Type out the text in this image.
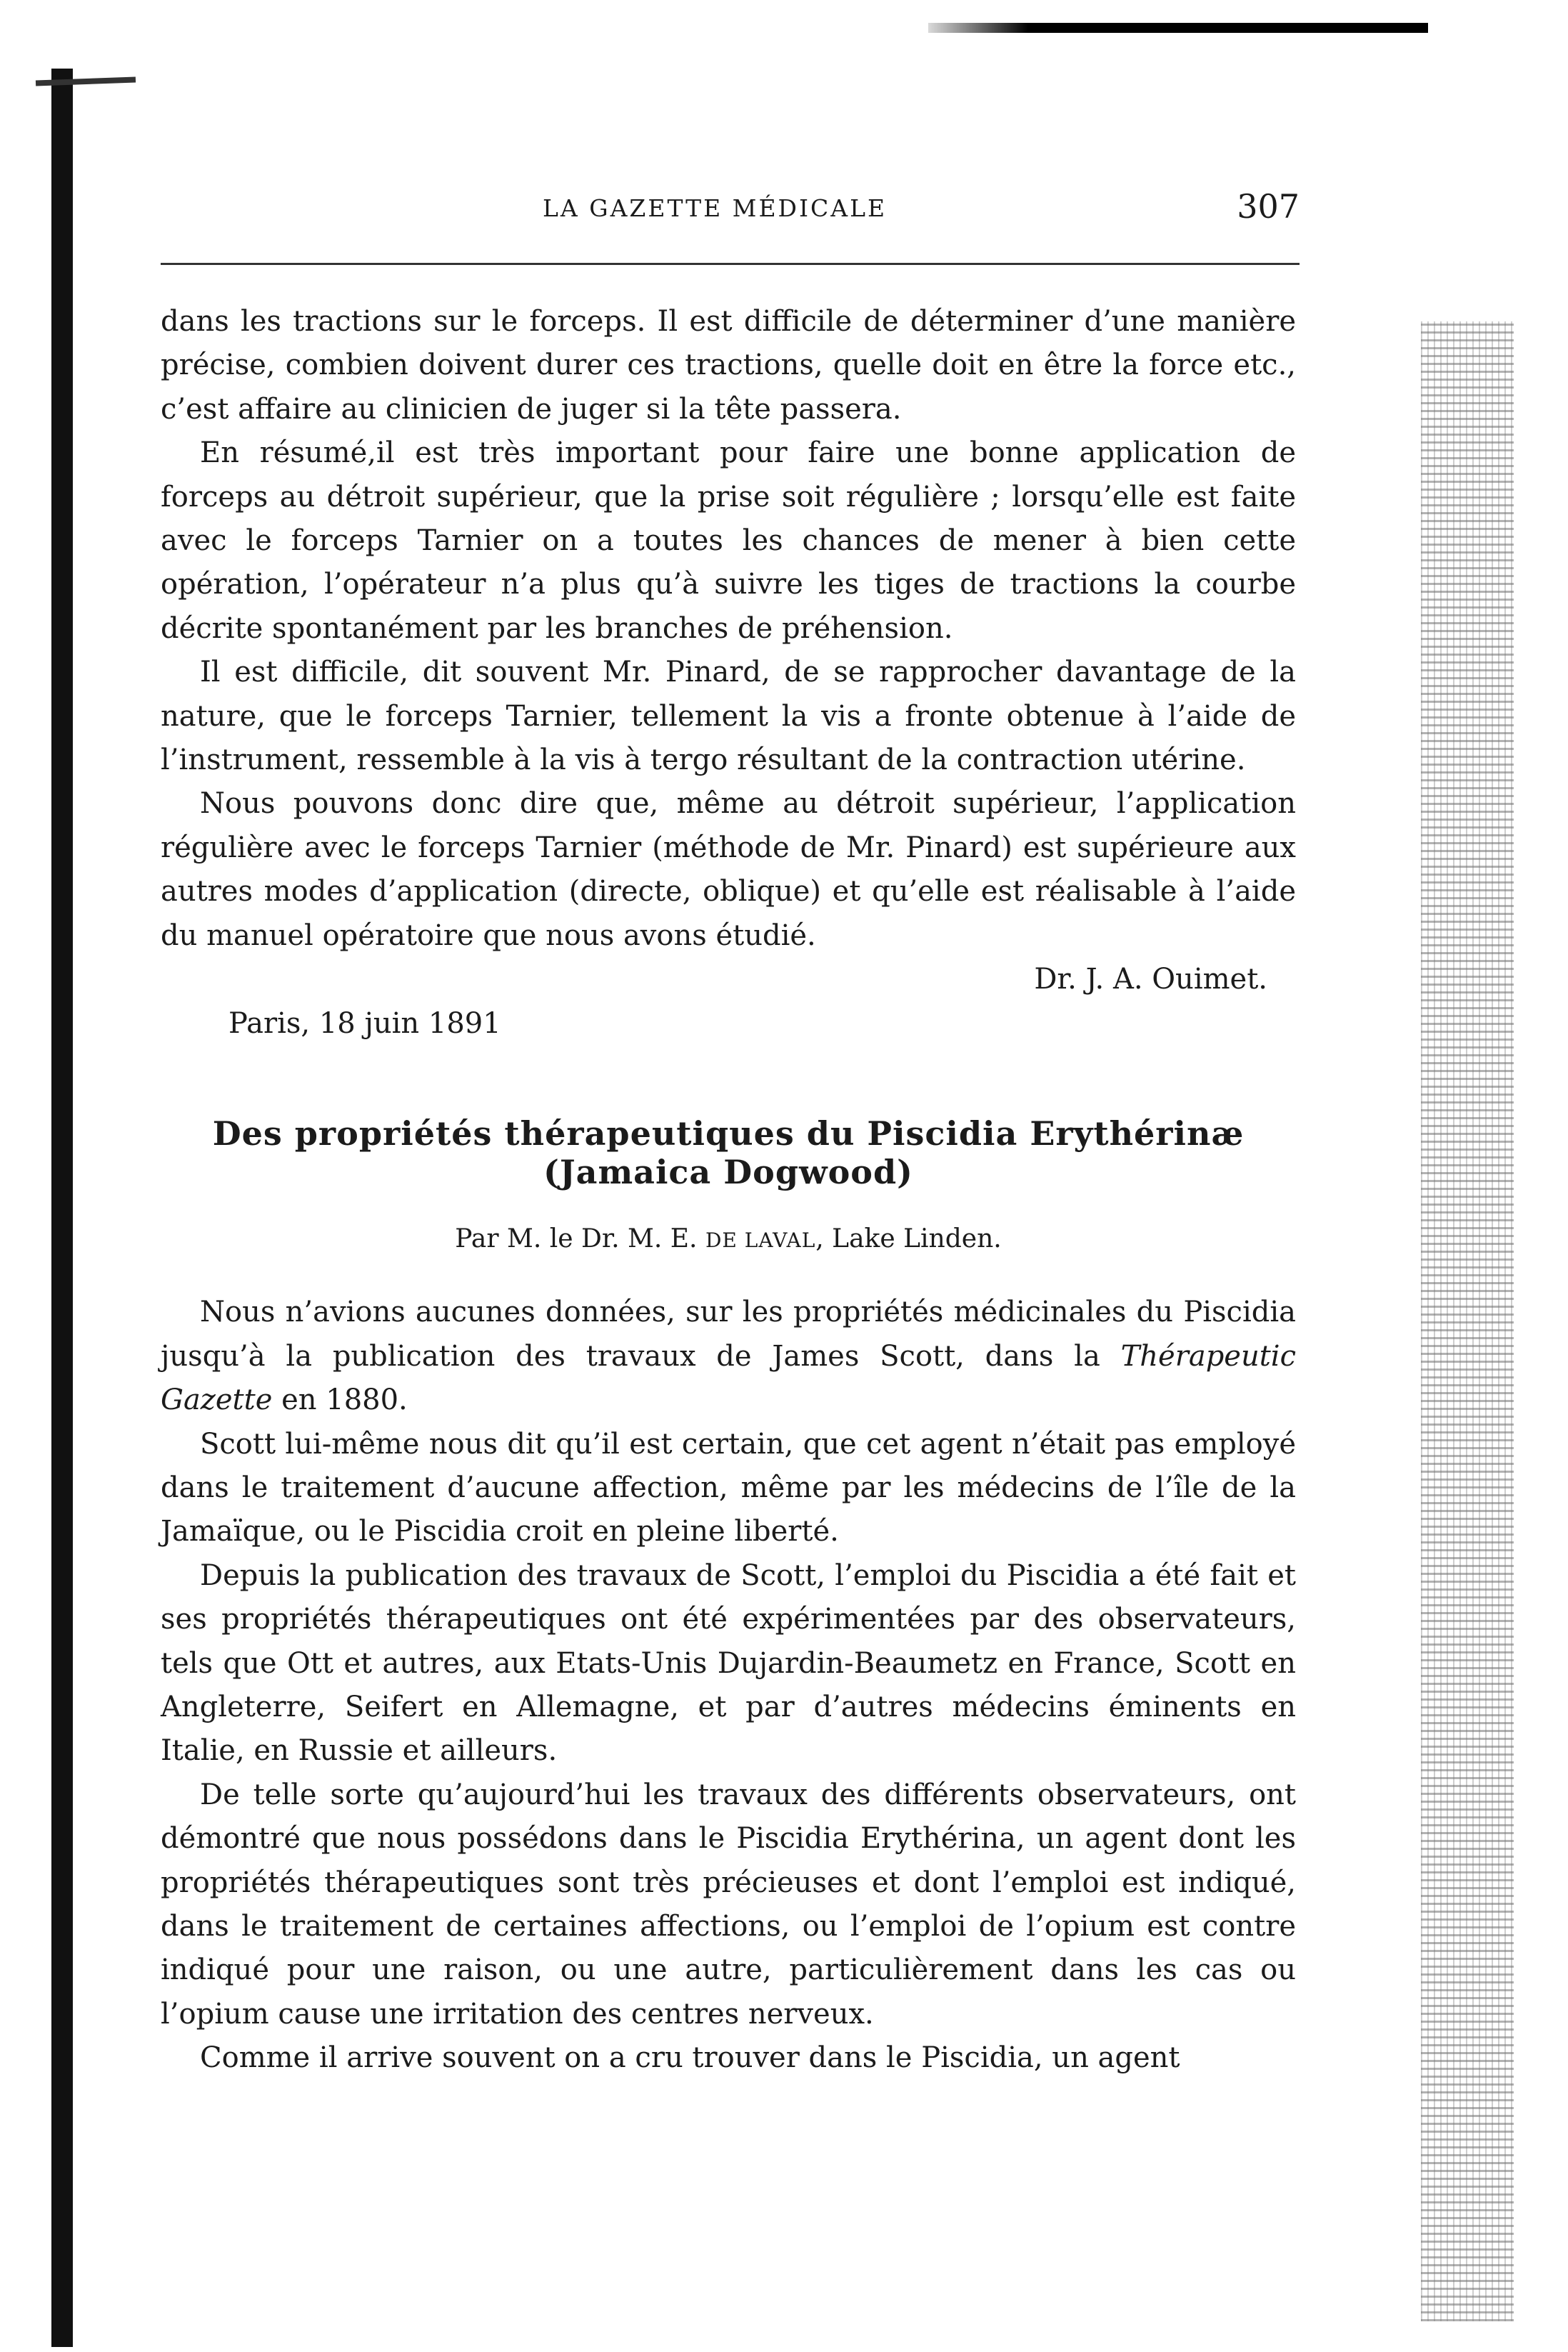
LA GAZETTE MÉDICALE	307

dans les tractions sur le forceps. Il est difficile de déterminer d’une manière précise, combien doivent durer ces tractions, quelle doit en être la force etc., c’est affaire au clinicien de juger si la tête passera.

En résumé,il est très important pour faire une bonne application de forceps au détroit supérieur, que la prise soit régulière ; lorsqu’elle est faite avec le forceps Tarnier on a toutes les chances de mener à bien cette opération, l’opérateur n’a plus qu’à suivre les tiges de tractions la courbe décrite spontanément par les branches de préhension.

Il est difficile, dit souvent Mr. Pinard, de se rapprocher davantage de la nature, que le forceps Tarnier, tellement la vis a fronte obtenue à l’aide de l’instrument, ressemble à la vis à tergo résultant de la contraction utérine.

Nous pouvons donc dire que, même au détroit supérieur, l’application régulière avec le forceps Tarnier (méthode de Mr. Pinard) est supérieure aux autres modes d’application (directe, oblique) et qu’elle est réalisable à l’aide du manuel opératoire que nous avons étudié.

Dr. J. A. Ouimet.

Paris, 18 juin 1891

Des propriétés thérapeutiques du Piscidia Erythérinæ
(Jamaica Dogwood)

Par M. le Dr. M. E. DE LAVAL, Lake Linden.

Nous n’avions aucunes données, sur les propriétés médicinales du Piscidia jusqu’à la publication des travaux de James Scott, dans la Thérapeutic Gazette en 1880.

Scott lui-même nous dit qu’il est certain, que cet agent n’était pas employé dans le traitement d’aucune affection, même par les médecins de l’île de la Jamaïque, ou le Piscidia croit en pleine liberté.

Depuis la publication des travaux de Scott, l’emploi du Piscidia a été fait et ses propriétés thérapeutiques ont été expérimentées par des observateurs, tels que Ott et autres, aux Etats-Unis Dujardin-Beaumetz en France, Scott en Angleterre, Seifert en Allemagne, et par d’autres médecins éminents en Italie, en Russie et ailleurs.

De telle sorte qu’aujourd’hui les travaux des différents observateurs, ont démontré que nous possédons dans le Piscidia Erythérina, un agent dont les propriétés thérapeutiques sont très précieuses et dont l’emploi est indiqué, dans le traitement de certaines affections, ou l’emploi de l’opium est contre indiqué pour une raison, ou une autre, particulièrement dans les cas ou l’opium cause une irritation des centres nerveux.

Comme il arrive souvent on a cru trouver dans le Piscidia, un agent
